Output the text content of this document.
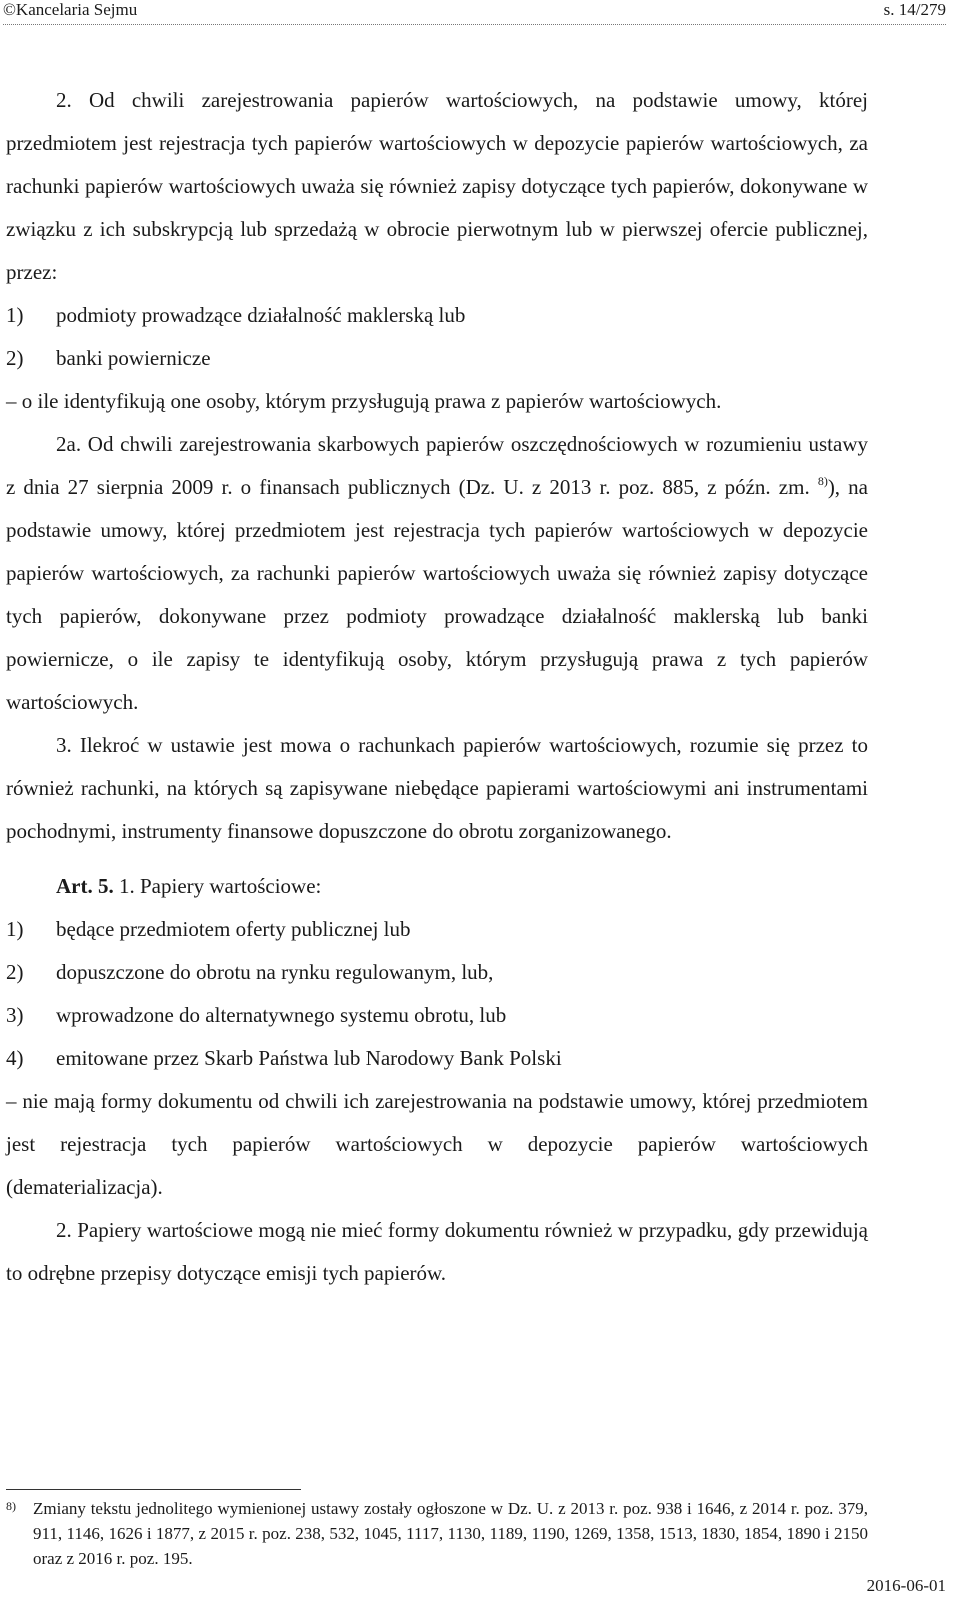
©Kancelaria Sejmu	s. 14/279

2. Od chwili zarejestrowania papierów wartościowych, na podstawie umowy, której przedmiotem jest rejestracja tych papierów wartościowych w depozycie papierów wartościowych, za rachunki papierów wartościowych uważa się również zapisy dotyczące tych papierów, dokonywane w związku z ich subskrypcją lub sprzedażą w obrocie pierwotnym lub w pierwszej ofercie publicznej, przez:

1)	podmioty prowadzące działalność maklerską lub
2)	banki powiernicze

– o ile identyfikują one osoby, którym przysługują prawa z papierów wartościowych.

2a. Od chwili zarejestrowania skarbowych papierów oszczędnościowych w rozumieniu ustawy z dnia 27 sierpnia 2009 r. o finansach publicznych (Dz. U. z 2013 r. poz. 885, z późn. zm. $^{8)}$), na podstawie umowy, której przedmiotem jest rejestracja tych papierów wartościowych w depozycie papierów wartościowych, za rachunki papierów wartościowych uważa się również zapisy dotyczące tych papierów, dokonywane przez podmioty prowadzące działalność maklerską lub banki powiernicze, o ile zapisy te identyfikują osoby, którym przysługują prawa z tych papierów wartościowych.

3. Ilekroć w ustawie jest mowa o rachunkach papierów wartościowych, rozumie się przez to również rachunki, na których są zapisywane niebędące papierami wartościowymi ani instrumentami pochodnymi, instrumenty finansowe dopuszczone do obrotu zorganizowanego.

Art. 5. 1. Papiery wartościowe:

1)	będące przedmiotem oferty publicznej lub
2)	dopuszczone do obrotu na rynku regulowanym, lub,
3)	wprowadzone do alternatywnego systemu obrotu, lub
4)	emitowane przez Skarb Państwa lub Narodowy Bank Polski

– nie mają formy dokumentu od chwili ich zarejestrowania na podstawie umowy, której przedmiotem jest rejestracja tych papierów wartościowych w depozycie papierów wartościowych (dematerializacja).

2. Papiery wartościowe mogą nie mieć formy dokumentu również w przypadku, gdy przewidują to odrębne przepisy dotyczące emisji tych papierów.

8)	Zmiany tekstu jednolitego wymienionej ustawy zostały ogłoszone w Dz. U. z 2013 r. poz. 938 i 1646, z 2014 r. poz. 379, 911, 1146, 1626 i 1877, z 2015 r. poz. 238, 532, 1045, 1117, 1130, 1189, 1190, 1269, 1358, 1513, 1830, 1854, 1890 i 2150 oraz z 2016 r. poz. 195.
2016-06-01
